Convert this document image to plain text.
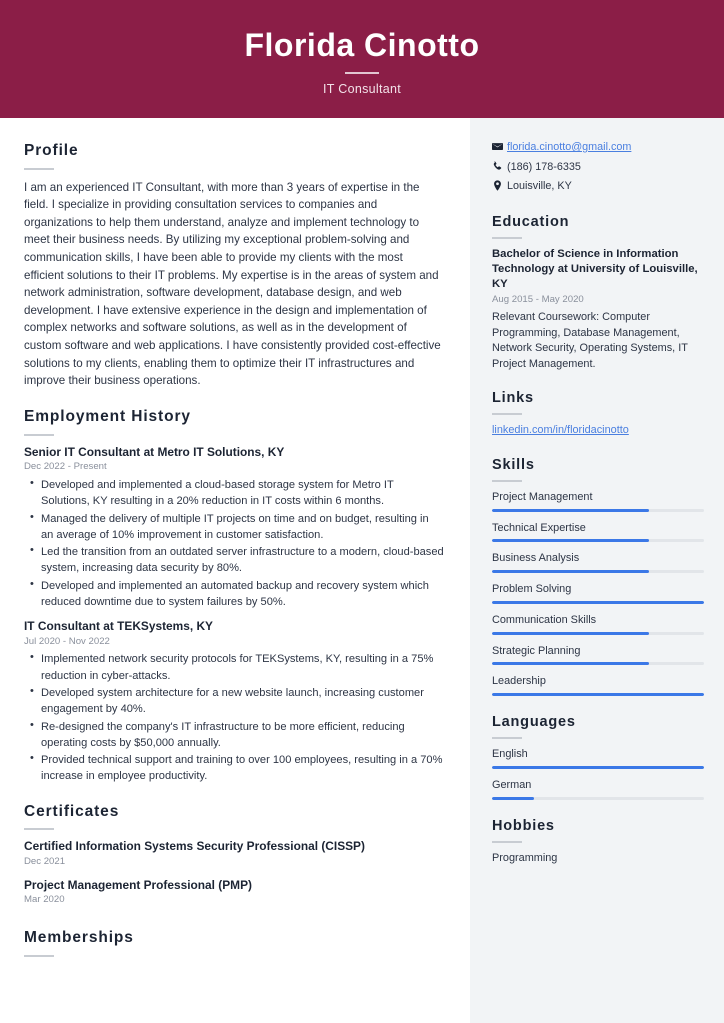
Florida Cinotto
IT Consultant
Profile

I am an experienced IT Consultant, with more than 3 years of expertise in the field. I specialize in providing consultation services to companies and organizations to help them understand, analyze and implement technology to meet their business needs. By utilizing my exceptional problem-solving and communication skills, I have been able to provide my clients with the most efficient solutions to their IT problems. My expertise is in the areas of system and network administration, software development, database design, and web development. I have extensive experience in the design and implementation of complex networks and software solutions, as well as in the development of custom software and web applications. I have consistently provided cost-effective solutions to my clients, enabling them to optimize their IT infrastructures and improve their business operations.

Employment History
Senior IT Consultant at Metro IT Solutions, KY
Dec 2022 - Present
• Developed and implemented a cloud-based storage system for Metro IT Solutions, KY resulting in a 20% reduction in IT costs within 6 months.
• Managed the delivery of multiple IT projects on time and on budget, resulting in an average of 10% improvement in customer satisfaction.
• Led the transition from an outdated server infrastructure to a modern, cloud-based system, increasing data security by 80%.
• Developed and implemented an automated backup and recovery system which reduced downtime due to system failures by 50%.
IT Consultant at TEKSystems, KY
Jul 2020 - Nov 2022
• Implemented network security protocols for TEKSystems, KY, resulting in a 75% reduction in cyber-attacks.
• Developed system architecture for a new website launch, increasing customer engagement by 40%.
• Re-designed the company's IT infrastructure to be more efficient, reducing operating costs by $50,000 annually.
• Provided technical support and training to over 100 employees, resulting in a 70% increase in employee productivity.
Certificates
Certified Information Systems Security Professional (CISSP)
Dec 2021
Project Management Professional (PMP)
Mar 2020
Memberships
florida.cinotto@gmail.com
(186) 178-6335
Louisville, KY
Education
Bachelor of Science in Information Technology at University of Louisville, KY
Aug 2015 - May 2020
Relevant Coursework: Computer Programming, Database Management, Network Security, Operating Systems, IT Project Management.
Links

linkedin.com/in/floridacinotto

Skills
Project Management
Technical Expertise
Business Analysis
Problem Solving
Communication Skills
Strategic Planning
Leadership
Languages
English
German
Hobbies

Programming
